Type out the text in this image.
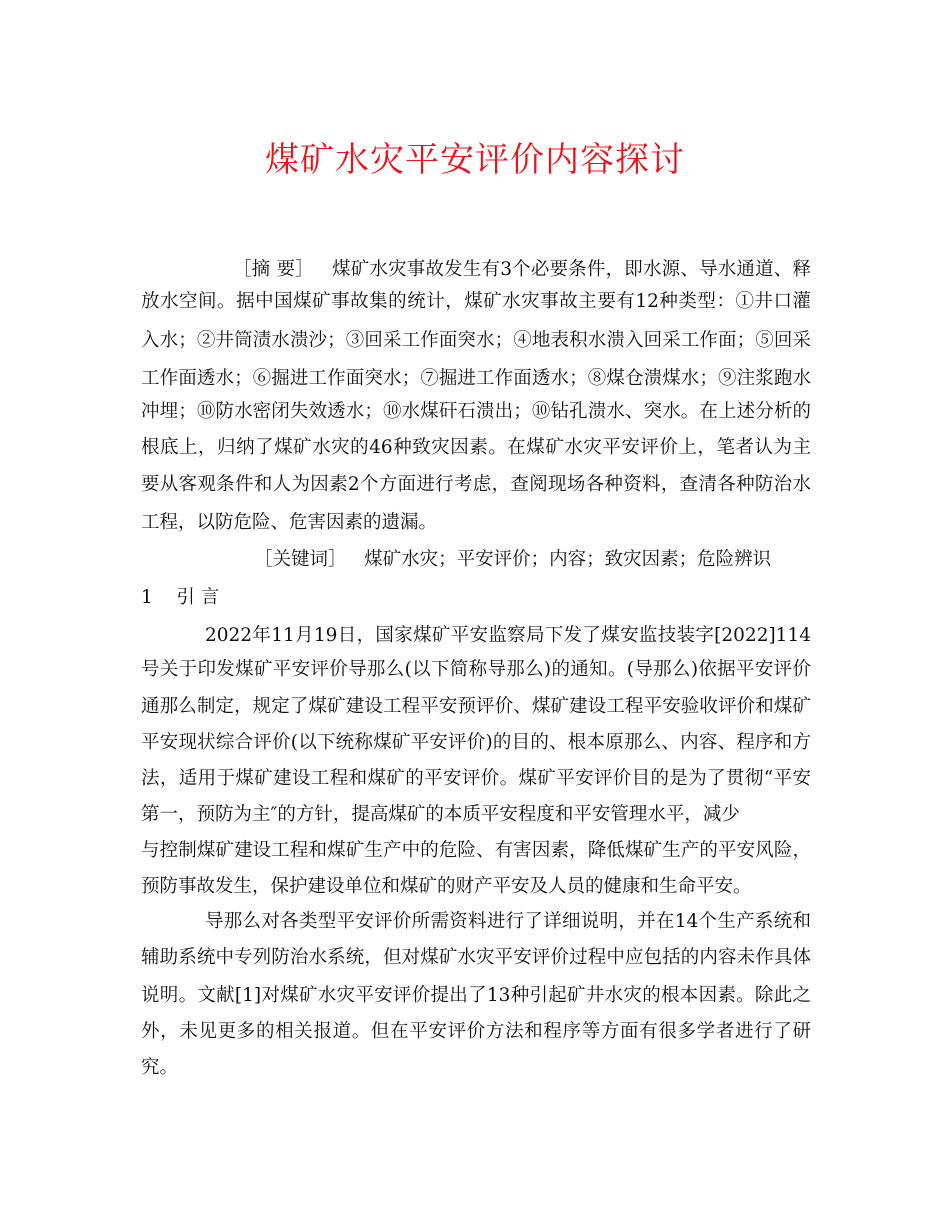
煤矿水灾平安评价内容探讨
［摘 要］ 煤矿水灾事故发生有3个必要条件，即水源、导水通道、释
放水空间。据中国煤矿事故集的统计，煤矿水灾事故主要有12种类型：①井口灌
入水；②井筒渍水溃沙；③回采工作面突水；④地表积水溃入回采工作面；⑤回采
工作面透水；⑥掘进工作面突水；⑦掘进工作面透水；⑧煤仓溃煤水；⑨注浆跑水
冲埋；⑩防水密闭失效透水；⑩水煤矸石溃出；⑩钻孔溃水、突水。在上述分析的
根底上，归纳了煤矿水灾的46种致灾因素。在煤矿水灾平安评价上，笔者认为主
要从客观条件和人为因素2个方面进行考虑，查阅现场各种资料，查清各种防治水
工程，以防危险、危害因素的遗漏。
［关键词］ 煤矿水灾；平安评价；内容；致灾因素；危险辨识
1 引 言
2022年11月19日，国家煤矿平安监察局下发了煤安监技装字[2022]114
号关于印发煤矿平安评价导那么(以下简称导那么)的通知。(导那么)依据平安评价
通那么制定，规定了煤矿建设工程平安预评价、煤矿建设工程平安验收评价和煤矿
平安现状综合评价(以下统称煤矿平安评价)的目的、根本原那么、内容、程序和方
法，适用于煤矿建设工程和煤矿的平安评价。煤矿平安评价目的是为了贯彻“平安
第一，预防为主″的方针，提高煤矿的本质平安程度和平安管理水平，减少
与控制煤矿建设工程和煤矿生产中的危险、有害因素，降低煤矿生产的平安风险，
预防事故发生，保护建设单位和煤矿的财产平安及人员的健康和生命平安。
导那么对各类型平安评价所需资料进行了详细说明，并在14个生产系统和
辅助系统中专列防治水系统，但对煤矿水灾平安评价过程中应包括的内容未作具体
说明。文献[1]对煤矿水灾平安评价提出了13种引起矿井水灾的根本因素。除此之
外，未见更多的相关报道。但在平安评价方法和程序等方面有很多学者进行了研
究。
